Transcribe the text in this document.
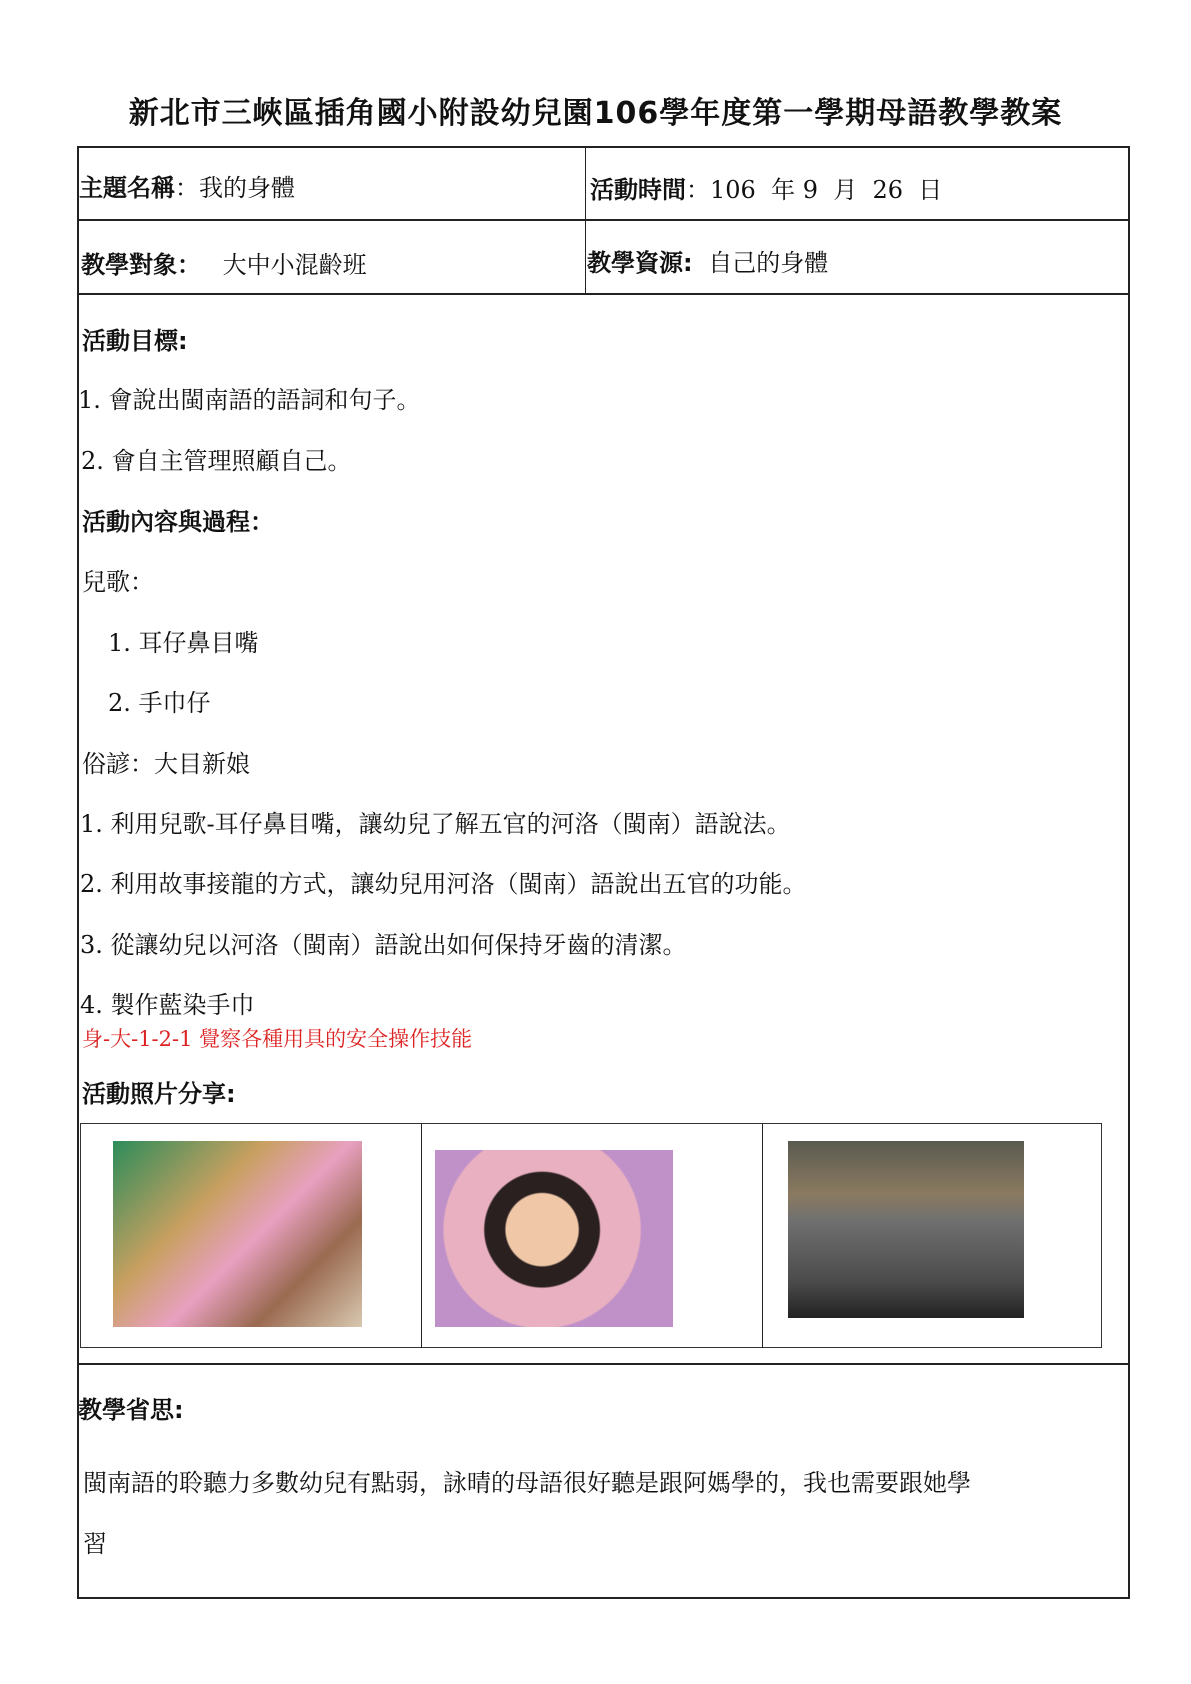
新北市三峽區插角國小附設幼兒園106學年度第一學期母語教學教案
主題名稱：我的身體	活動時間：106  年 9  月  26  日
教學對象： 大中小混齡班	教學資源: 自己的身體
活動目標:
1. 會說出閩南語的語詞和句子。
2. 會自主管理照顧自己。
活動內容與過程：
兒歌：
1. 耳仔鼻目嘴
2. 手巾仔
俗諺：大目新娘
1. 利用兒歌-耳仔鼻目嘴，讓幼兒了解五官的河洛（閩南）語說法。
2. 利用故事接龍的方式，讓幼兒用河洛（閩南）語說出五官的功能。
3. 從讓幼兒以河洛（閩南）語說出如何保持牙齒的清潔。
4. 製作藍染手巾
身-大-1-2-1 覺察各種用具的安全操作技能
活動照片分享:
教學省思:
閩南語的聆聽力多數幼兒有點弱，詠晴的母語很好聽是跟阿媽學的，我也需要跟她學
習
